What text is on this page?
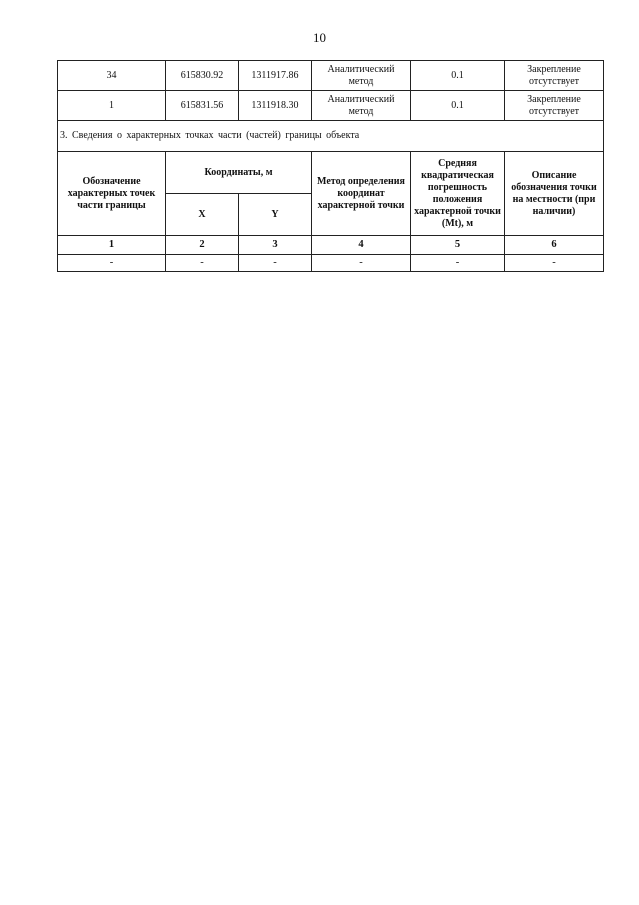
10
34	615830.92	1311917.86	Аналитический метод	0.1	Закрепление отсутствует
1	615831.56	1311918.30	Аналитический метод	0.1	Закрепление отсутствует
3. Сведения о характерных точках части (частей) границы объекта					
Обозначение характерных точек части границы	Координаты, м		Метод определения координат характерной точки	Средняя квадратическая погрешность положения характерной точки (Mt), м	Описание обозначения точки на местности (при наличии)
	X	Y			
1	2	3	4	5	6
-	-	-	-	-	-
